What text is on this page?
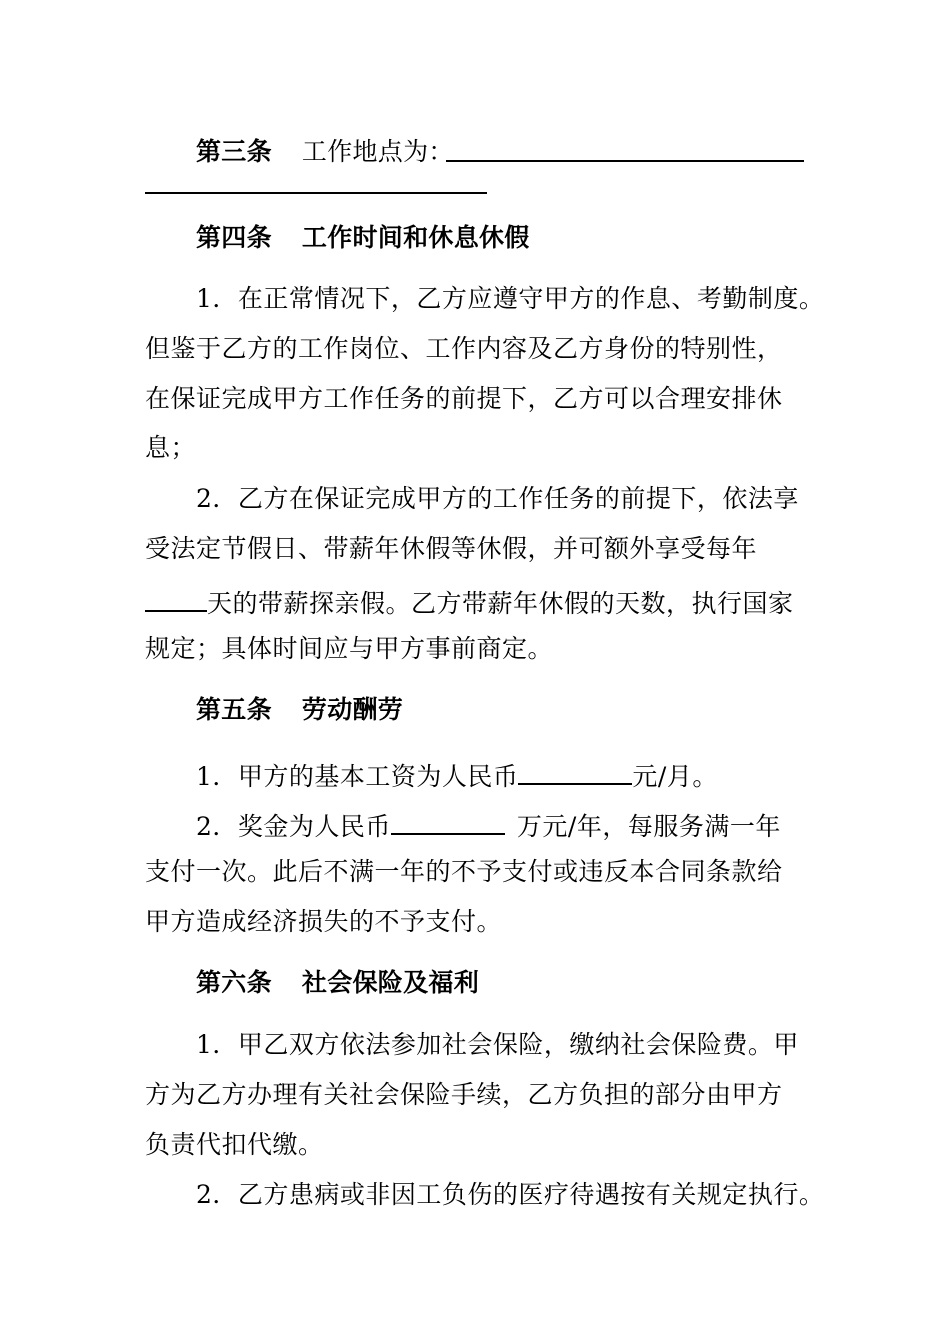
第三条 工作地点为：
第四条 工作时间和休息休假
1．在正常情况下，乙方应遵守甲方的作息、考勤制度。
但鉴于乙方的工作岗位、工作内容及乙方身份的特别性，
在保证完成甲方工作任务的前提下，乙方可以合理安排休
息；
2．乙方在保证完成甲方的工作任务的前提下，依法享
受法定节假日、带薪年休假等休假，并可额外享受每年
天的带薪探亲假。乙方带薪年休假的天数，执行国家
规定；具体时间应与甲方事前商定。
第五条 劳动酬劳
1．甲方的基本工资为人民币	元/月。
2．奖金为人民币	万元/年，每服务满一年
支付一次。此后不满一年的不予支付或违反本合同条款给
甲方造成经济损失的不予支付。
第六条 社会保险及福利
1．甲乙双方依法参加社会保险，缴纳社会保险费。甲
方为乙方办理有关社会保险手续，乙方负担的部分由甲方
负责代扣代缴。
2．乙方患病或非因工负伤的医疗待遇按有关规定执行。
